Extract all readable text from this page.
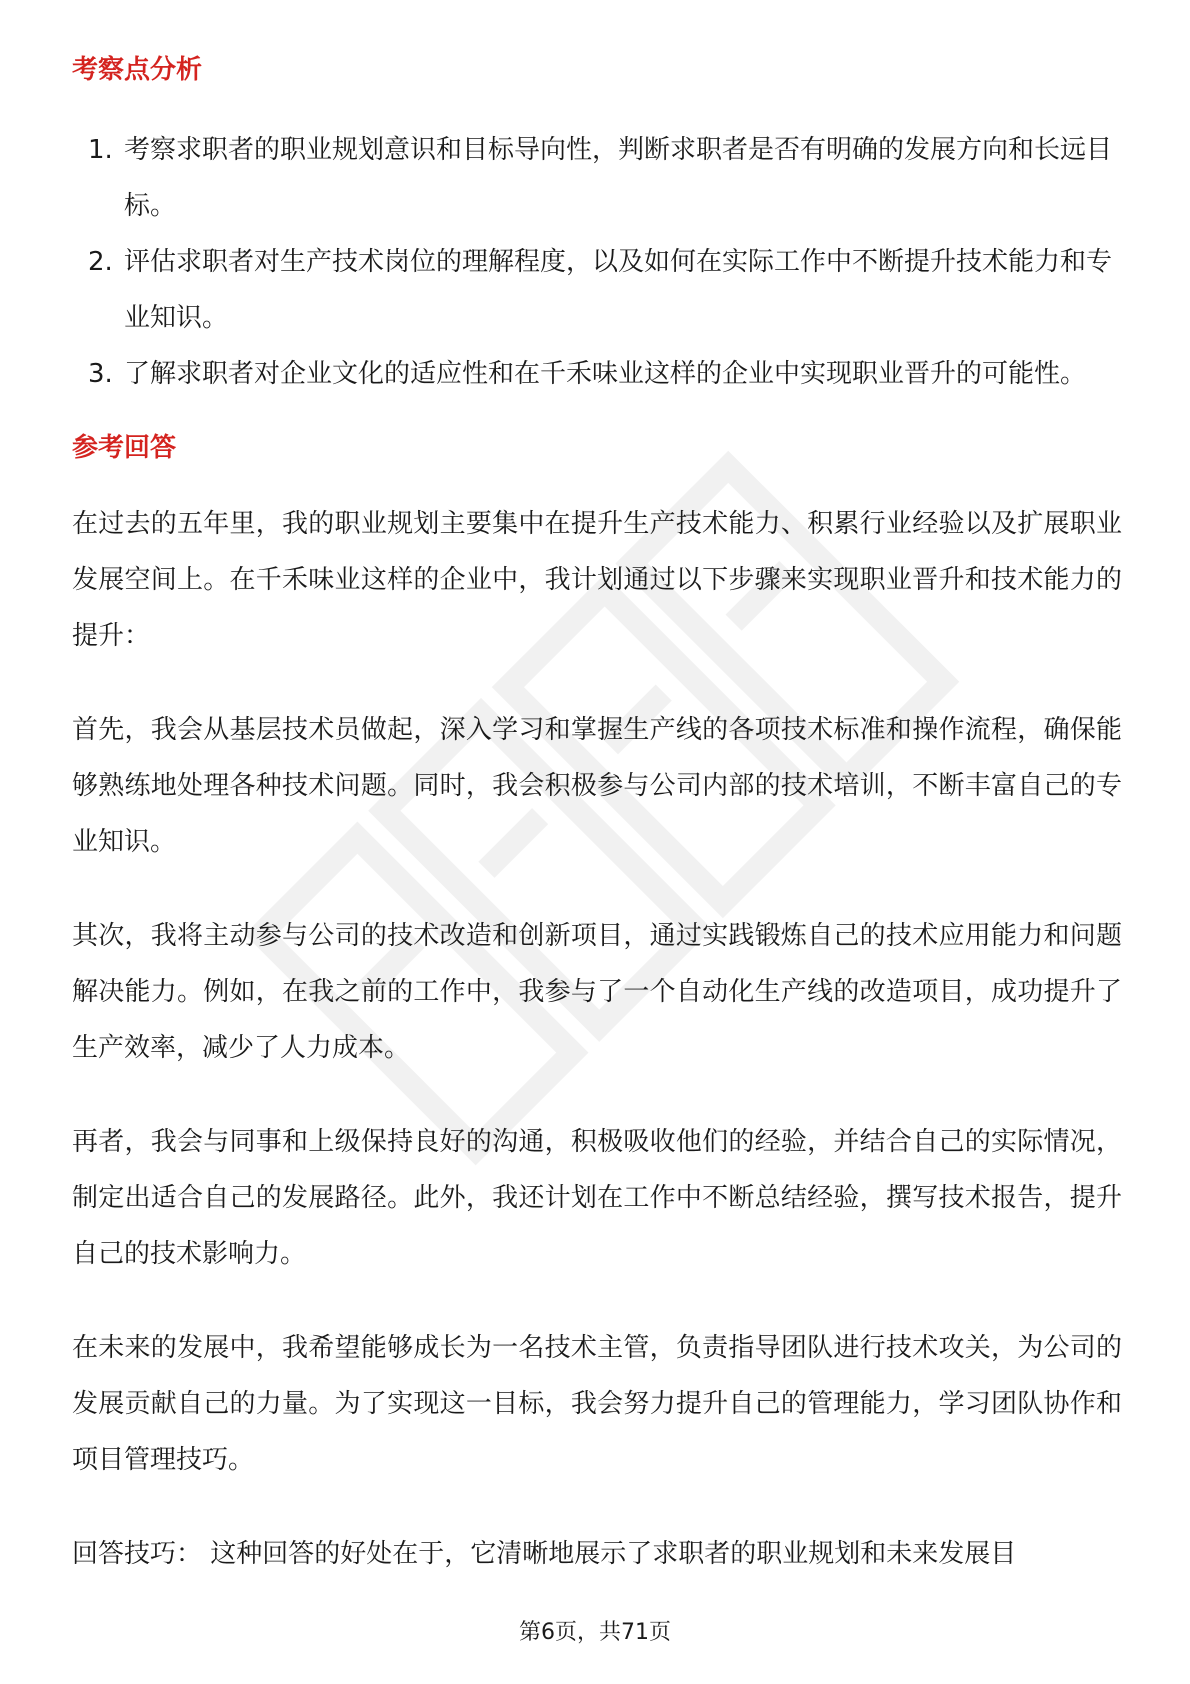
考察点分析
1. 考察求职者的职业规划意识和目标导向性，判断求职者是否有明确的发展方向和长远目标。
2. 评估求职者对生产技术岗位的理解程度，以及如何在实际工作中不断提升技术能力和专业知识。
3. 了解求职者对企业文化的适应性和在千禾味业这样的企业中实现职业晋升的可能性。
参考回答

在过去的五年里，我的职业规划主要集中在提升生产技术能力、积累行业经验以及扩展职业发展空间上。在千禾味业这样的企业中，我计划通过以下步骤来实现职业晋升和技术能力的提升：

首先，我会从基层技术员做起，深入学习和掌握生产线的各项技术标准和操作流程，确保能够熟练地处理各种技术问题。同时，我会积极参与公司内部的技术培训，不断丰富自己的专业知识。

其次，我将主动参与公司的技术改造和创新项目，通过实践锻炼自己的技术应用能力和问题解决能力。例如，在我之前的工作中，我参与了一个自动化生产线的改造项目，成功提升了生产效率，减少了人力成本。

再者，我会与同事和上级保持良好的沟通，积极吸收他们的经验，并结合自己的实际情况，制定出适合自己的发展路径。此外，我还计划在工作中不断总结经验，撰写技术报告，提升自己的技术影响力。

在未来的发展中，我希望能够成长为一名技术主管，负责指导团队进行技术攻关，为公司的发展贡献自己的力量。为了实现这一目标，我会努力提升自己的管理能力，学习团队协作和项目管理技巧。

回答技巧： 这种回答的好处在于，它清晰地展示了求职者的职业规划和未来发展目

第6页，共71页
